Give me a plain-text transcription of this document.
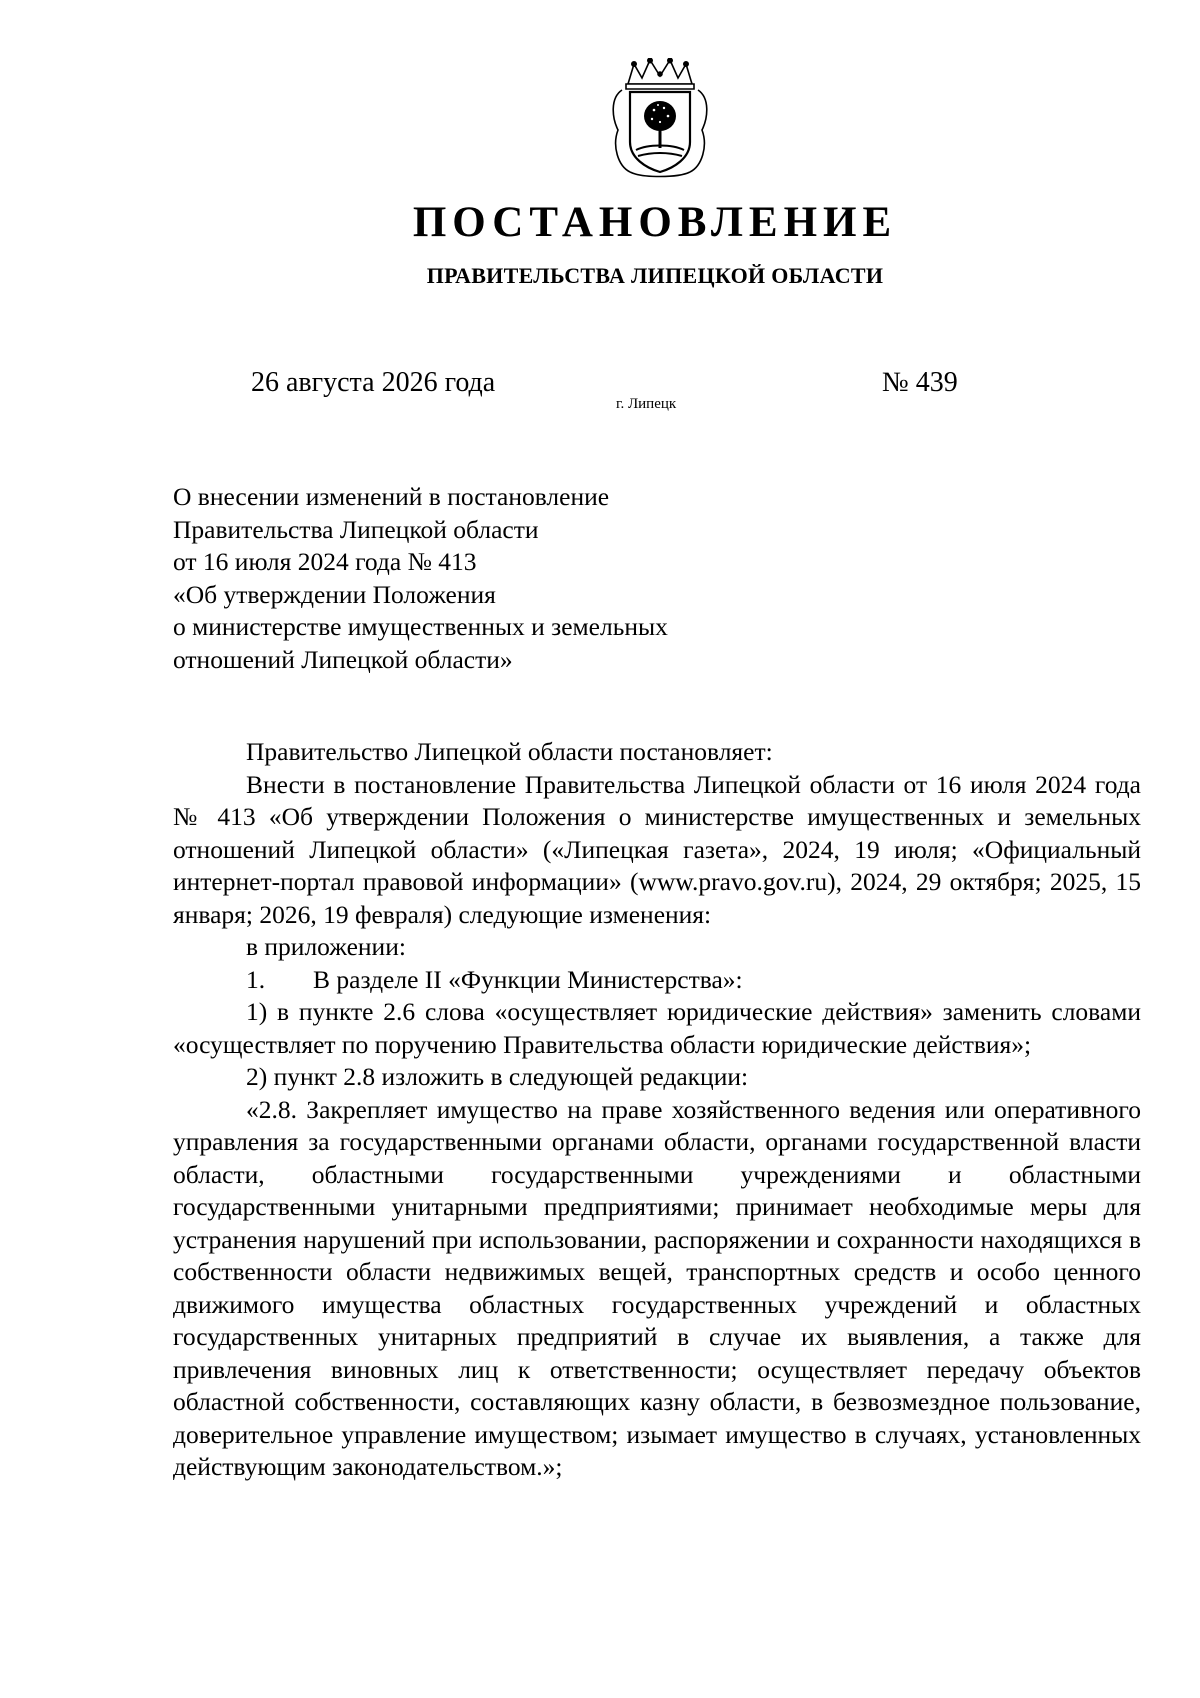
ПОСТАНОВЛЕНИЕ
ПРАВИТЕЛЬСТВА ЛИПЕЦКОЙ ОБЛАСТИ
26 августа 2026 года
г. Липецк
№ 439
О внесении изменений в постановление
Правительства Липецкой области
от 16 июля 2024 года № 413
«Об утверждении Положения
о министерстве имущественных и земельных
отношений Липецкой области»

Правительство Липецкой области постановляет:

Внести в постановление Правительства Липецкой области от 16 июля 2024 года № 413 «Об утверждении Положения о министерстве имущественных и земельных отношений Липецкой области» («Липецкая газета», 2024, 19 июля; «Официальный интернет-портал правовой информации» (www.pravo.gov.ru), 2024, 29 октября; 2025, 15 января; 2026, 19 февраля) следующие изменения:

в приложении:

1. В разделе II «Функции Министерства»:

1) в пункте 2.6 слова «осуществляет юридические действия» заменить словами «осуществляет по поручению Правительства области юридические действия»;

2) пункт 2.8 изложить в следующей редакции:

«2.8. Закрепляет имущество на праве хозяйственного ведения или оперативного управления за государственными органами области, органами государственной власти области, областными государственными учреждениями и областными государственными унитарными предприятиями; принимает необходимые меры для устранения нарушений при использовании, распоряжении и сохранности находящихся в собственности области недвижимых вещей, транспортных средств и особо ценного движимого имущества областных государственных учреждений и областных государственных унитарных предприятий в случае их выявления, а также для привлечения виновных лиц к ответственности; осуществляет передачу объектов областной собственности, составляющих казну области, в безвозмездное пользование, доверительное управление имуществом; изымает имущество в случаях, установленных действующим законодательством.»;
